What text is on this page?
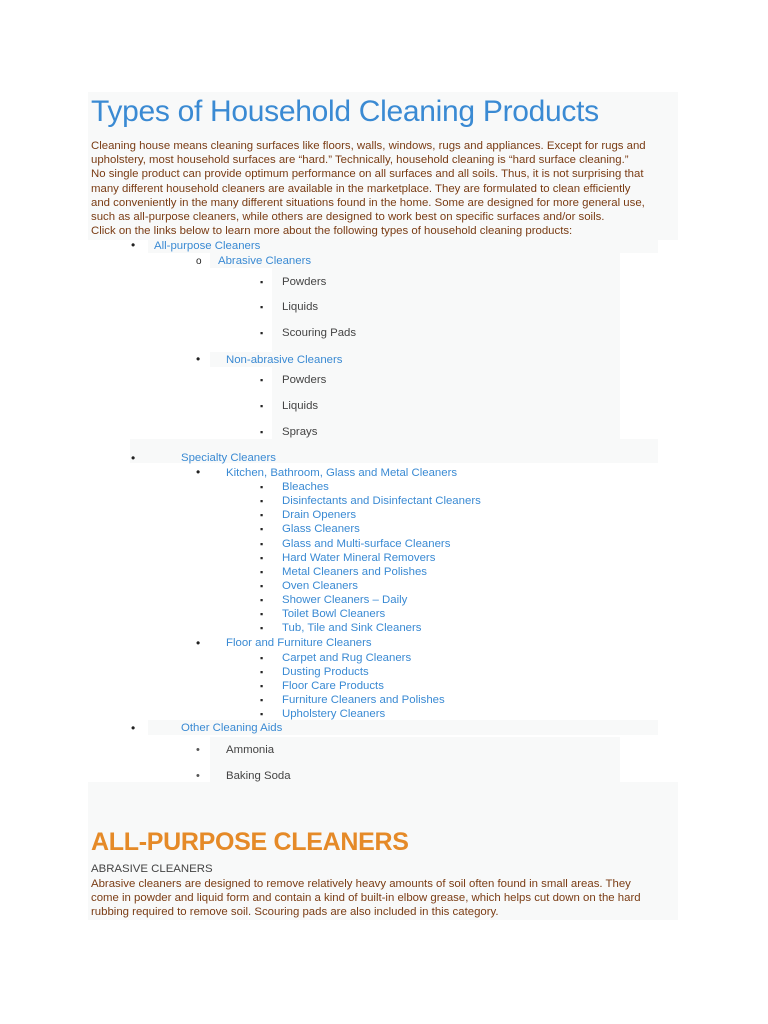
Types of Household Cleaning Products

Cleaning house means cleaning surfaces like floors, walls, windows, rugs and appliances. Except for rugs and
upholstery, most household surfaces are “hard.” Technically, household cleaning is “hard surface cleaning.”
No single product can provide optimum performance on all surfaces and all soils. Thus, it is not surprising that
many different household cleaners are available in the marketplace. They are formulated to clean efficiently
and conveniently in the many different situations found in the home. Some are designed for more general use,
such as all-purpose cleaners, while others are designed to work best on specific surfaces and/or soils.
Click on the links below to learn more about the following types of household cleaning products:

•
All-purpose Cleaners
o
Abrasive Cleaners
▪
Powders
▪
Liquids
▪
Scouring Pads
•
Non-abrasive Cleaners
▪
Powders
▪
Liquids
▪
Sprays
•
Specialty Cleaners
•
Kitchen, Bathroom, Glass and Metal Cleaners
▪
Bleaches
▪
Disinfectants and Disinfectant Cleaners
▪
Drain Openers
▪
Glass Cleaners
▪
Glass and Multi-surface Cleaners
▪
Hard Water Mineral Removers
▪
Metal Cleaners and Polishes
▪
Oven Cleaners
▪
Shower Cleaners – Daily
▪
Toilet Bowl Cleaners
▪
Tub, Tile and Sink Cleaners
•
Floor and Furniture Cleaners
▪
Carpet and Rug Cleaners
▪
Dusting Products
▪
Floor Care Products
▪
Furniture Cleaners and Polishes
▪
Upholstery Cleaners
•
Other Cleaning Aids
•
Ammonia
•
Baking Soda
ALL-PURPOSE CLEANERS
ABRASIVE CLEANERS

Abrasive cleaners are designed to remove relatively heavy amounts of soil often found in small areas. They
come in powder and liquid form and contain a kind of built-in elbow grease, which helps cut down on the hard
rubbing required to remove soil. Scouring pads are also included in this category.
